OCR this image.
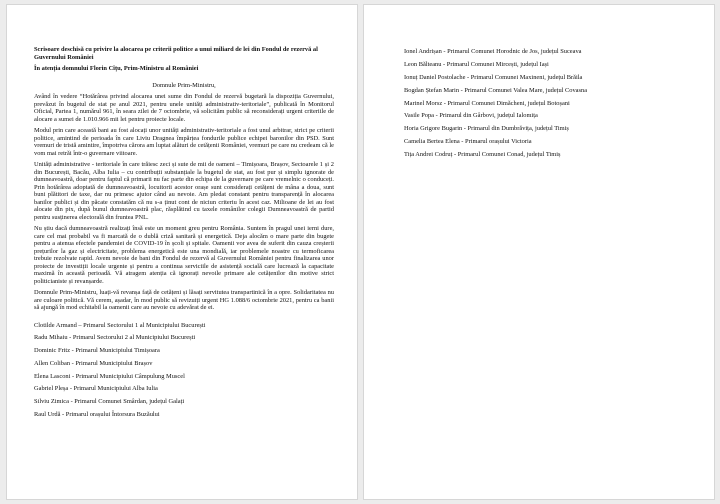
Scrisoare deschisă cu privire la alocarea pe criterii politice a unui miliard de lei din Fondul de rezervă al Guvernului României
În atenția domnului Florin Cîțu, Prim-Ministru al României
Domnule Prim-Ministru,

Având în vedere “Hotărârea privind alocarea unei sume din Fondul de rezervă bugetară la dispoziția Guvernului, prevăzut în bugetul de stat pe anul 2021, pentru unele unități administrativ-teritoriale”, publicată în Monitorul Oficial, Partea 1, numărul 961, în seara zilei de 7 octombrie, vă solicităm public să reconsiderați urgent criteriile de alocare a sumei de 1.010.966 mii lei pentru proiecte locale.

Modul prin care această bani au fost alocați unor unități administrativ-teritoriale a fost unul arbitrar, strict pe criterii politice, amintind de perioada în care Liviu Dragnea împărțea fondurile publice echipei baronilor din PSD. Sunt vremuri de tristă amintire, împotriva cărora am luptat alături de cetățenii României, vremuri pe care nu credeam că le vom mai retrăi într-o guvernare viitoare.

Unități administrative - teritoriale în care trăiesc zeci și sute de mii de oameni – Timișoara, Brașov, Sectoarele 1 și 2 din București, Bacău, Alba Iulia – cu contribuții substanțiale la bugetul de stat, au fost pur și simplu ignorate de dumneavoastră, doar pentru faptul că primarii nu fac parte din echipa de la guvernare pe care vremelnic o conduceți. Prin hotărârea adoptată de dumneavoastră, locuitorii acestor orașe sunt considerați cetățeni de mâna a doua, sunt buni plătitori de taxe, dar nu primesc ajutor când au nevoie. Am pledat constant pentru transparență în alocarea banilor publici și din păcate constatăm că nu s-a ținut cont de niciun criteriu în acest caz. Milioane de lei au fost alocate din pix, după bunul dumneavoastră plac, răsplătind cu taxele românilor colegii Dumneavoastră de partid pentru susținerea electorală din fruntea PNL.

Nu știu dacă dumneavoastră realizați însă este un moment greu pentru România. Suntem în pragul unei ierni dure, care cel mai probabil va fi marcată de o dublă criză sanitară și energetică. Deja alocăm o mare parte din bugete pentru a atenua efectele pandemiei de COVID-19 în școli și spitale. Oamenii vor avea de suferit din cauza creșterii prețurilor la gaz și electricitate, problema energetică este una mondială, iar problemele noastre cu termoficarea trebuie rezolvate rapid. Avem nevoie de bani din Fondul de rezervă al Guvernului României pentru finalizarea unor proiecte de investiții locale urgente și pentru a continua serviciile de asistență socială care lucrează la capacitate maximă în această perioadă. Vă atragem atenția că ignorați nevoile primare ale cetățenilor din motive strict politicianiste și revanșarde.

Domnule Prim-Ministru, luați-vă revanșa față de cetățeni și lăsați servitutea transpartinică în a opre. Solidaritatea nu are culoare politică. Vă cerem, așadar, în mod public să revizuiți urgent HG 1.088/6 octombrie 2021, pentru ca banii să ajungă în mod echitabil la oamenii care au nevoie cu adevărat de ei.

Clotilde Armand – Primarul Sectorului 1 al Municipiului București
Radu Mihaiu - Primarul Sectorului 2 al Municipiului București
Dominic Fritz - Primarul Municipiului Timișoara
Allen Coliban - Primarul Municipiului Brașov
Elena Lasconi - Primarul Municipiului Câmpulung Muscel
Gabriel Pleșa - Primarul Municipiului Alba Iulia
Silviu Zimica - Primarul Comunei Smârdan, județul Galați
Raul Urdă - Primarul orașului Întorsura Buzăului
Ionel Andrișan - Primarul Comunei Horodnic de Jos, județul Suceava
Leon Bălteanu - Primarul Comunei Mircești, județul Iași
Ionuț Daniel Postolache - Primarul Comunei Maxineni, județul Brăila
Bogdan Ștefan Marin - Primarul Comunei Valea Mare, județul Covasna
Marinel Morsz - Primarul Comunei Dimăcheni, județul Botoșani
Vasile Popa - Primarul din Gârbovi, județul Ialomița
Horia Grigore Bugarin - Primarul din Dumbrăvița, județul Timiș
Camelia Bertea Elena - Primarul orașului Victoria
Tița Andrei Codruț - Primarul Comunei Conad, județul Timiș
